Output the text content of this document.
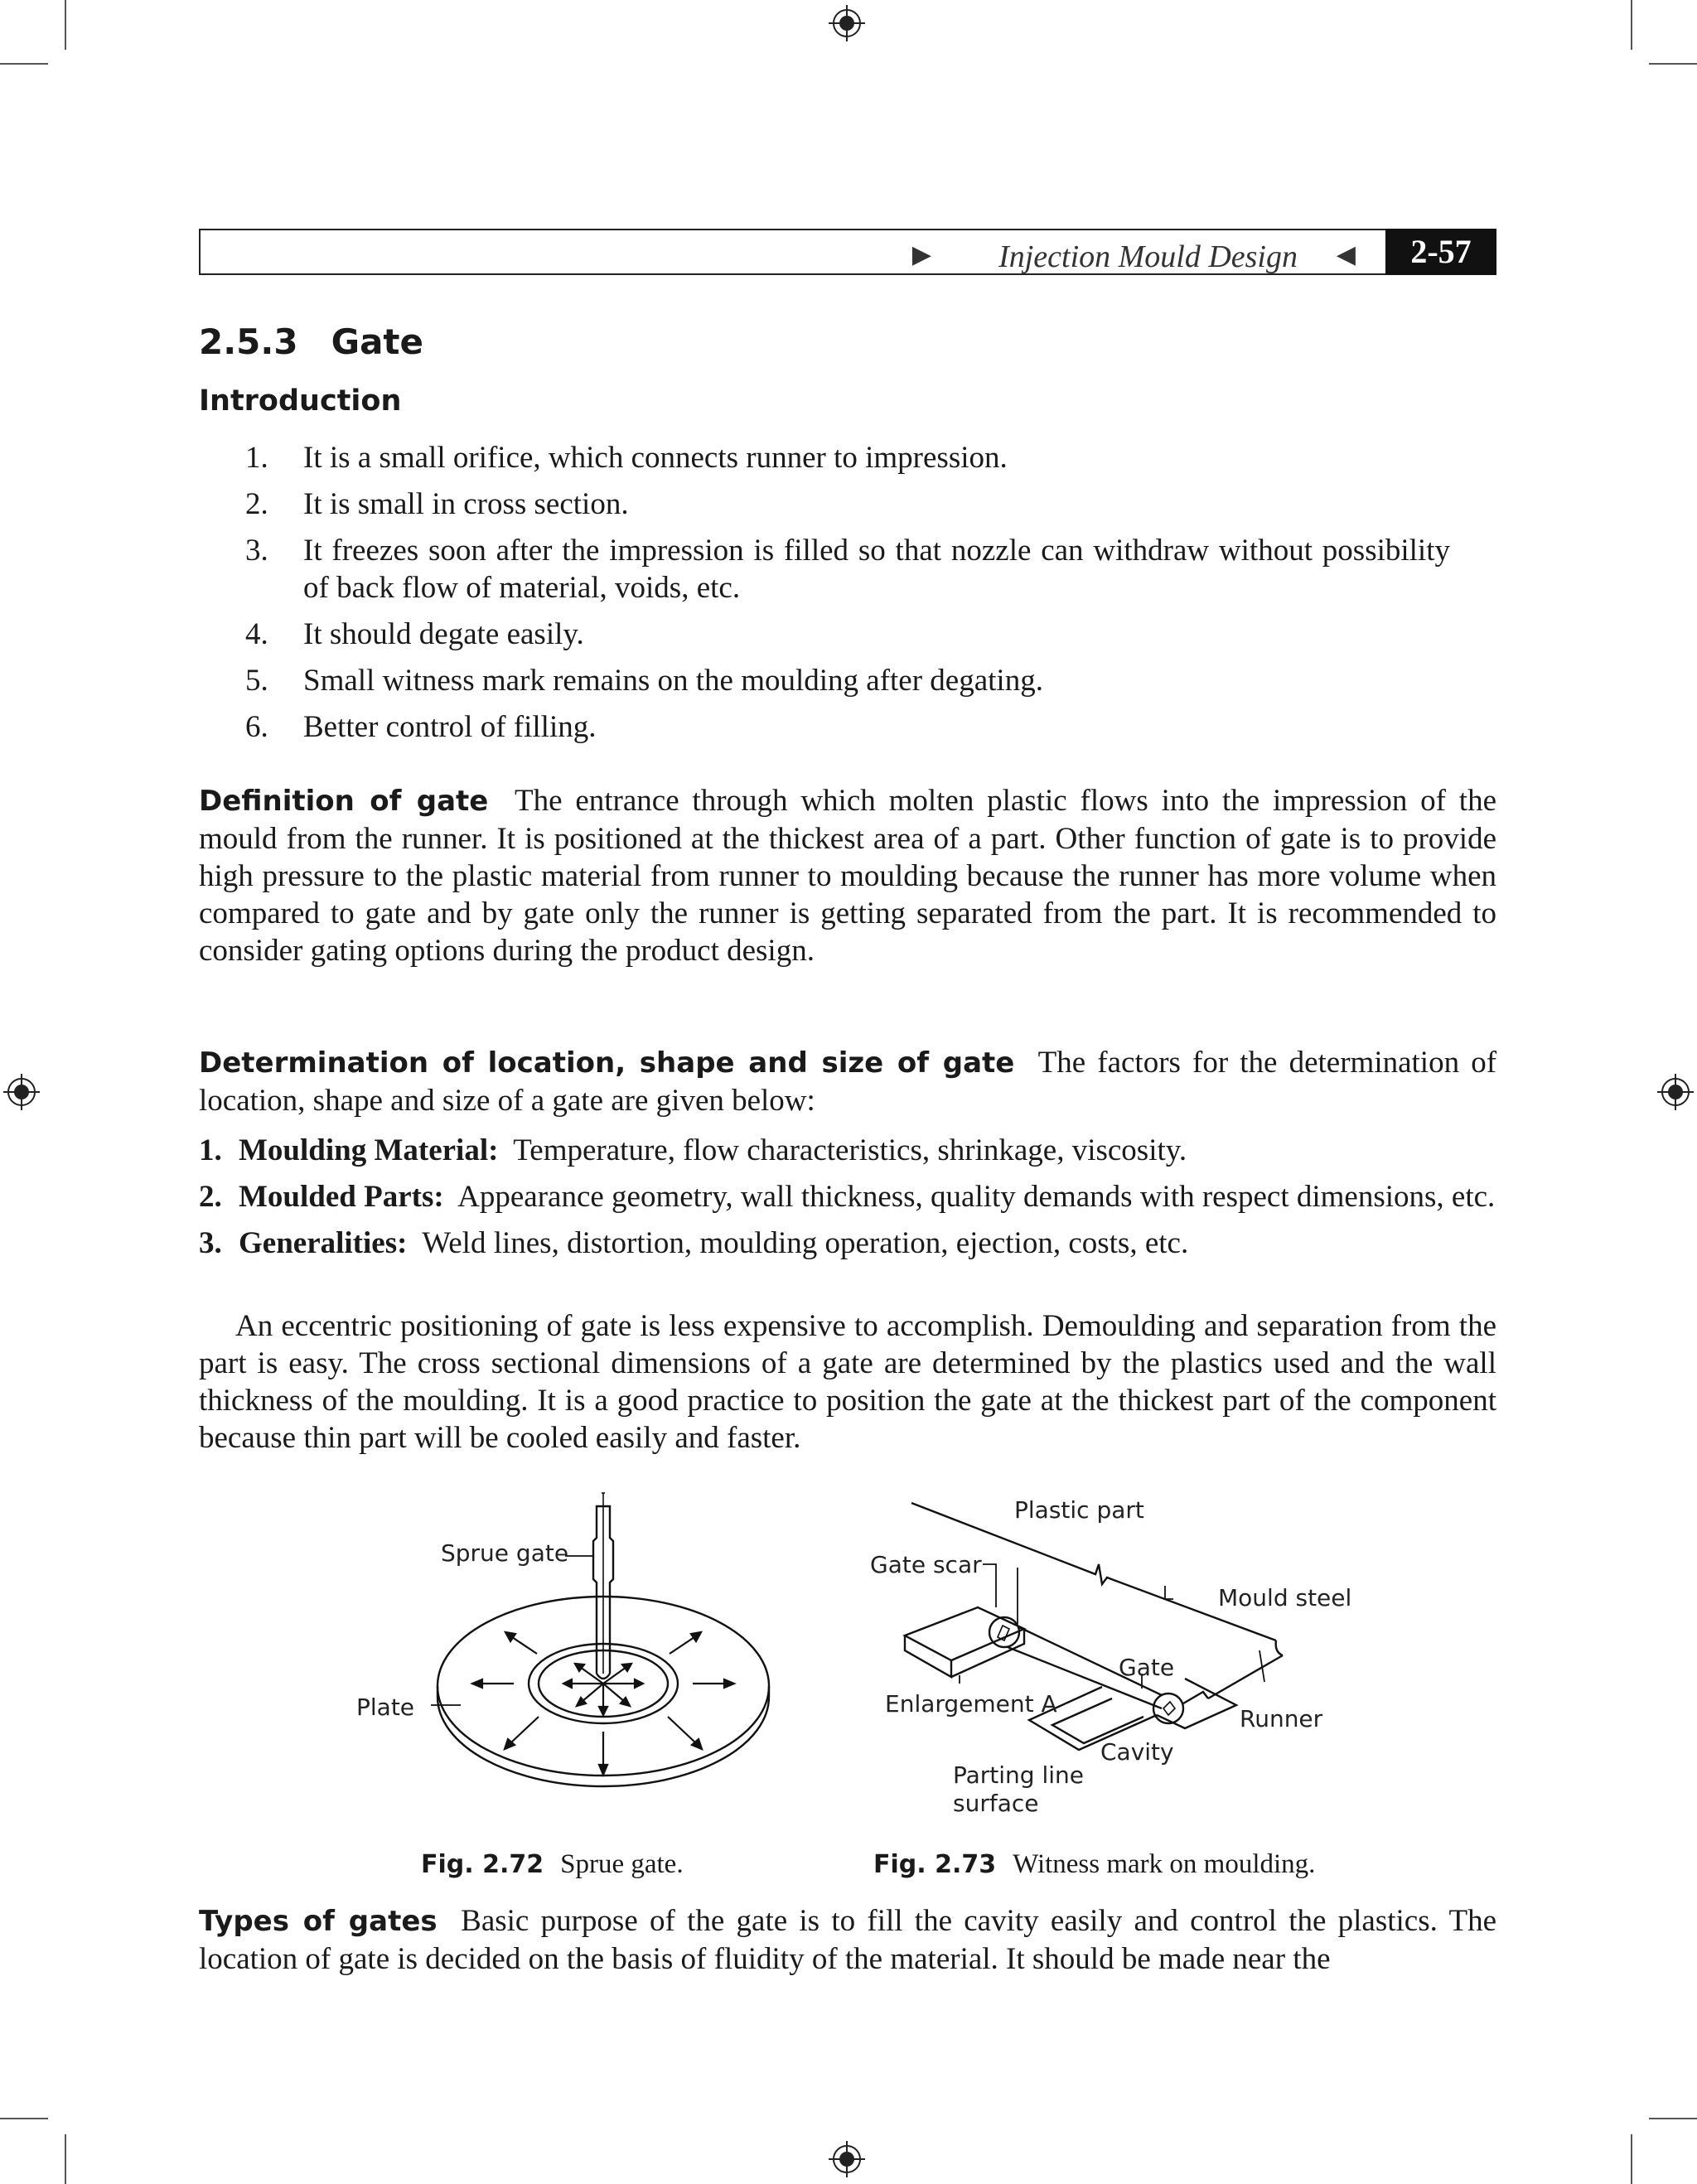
▶ Injection Mould Design ◀	2-57
2.5.3 Gate
Introduction
1. It is a small orifice, which connects runner to impression.
2. It is small in cross section.
3. It freezes soon after the impression is filled so that nozzle can withdraw without possibility of back flow of material, voids, etc.
4. It should degate easily.
5. Small witness mark remains on the moulding after degating.
6. Better control of filling.

Definition of gate The entrance through which molten plastic flows into the impression of the mould from the runner. It is positioned at the thickest area of a part. Other function of gate is to provide high pressure to the plastic material from runner to moulding because the runner has more volume when compared to gate and by gate only the runner is getting separated from the part. It is recommended to consider gating options during the product design.

Determination of location, shape and size of gate The factors for the determination of location, shape and size of a gate are given below:

1. Moulding Material: Temperature, flow characteristics, shrinkage, viscosity.
2. Moulded Parts: Appearance geometry, wall thickness, quality demands with respect dimensions, etc.
3. Generalities: Weld lines, distortion, moulding operation, ejection, costs, etc.

An eccentric positioning of gate is less expensive to accomplish. Demoulding and separation from the part is easy. The cross sectional dimensions of a gate are determined by the plastics used and the wall thickness of the moulding. It is a good practice to position the gate at the thickest part of the component because thin part will be cooled easily and faster.

Sprue gate
Plate
Plastic part
Gate scar
Mould steel
Gate
Enlargement A
Runner
Cavity
Parting line
surface
Fig. 2.72 Sprue gate.	Fig. 2.73 Witness mark on moulding.

Types of gates Basic purpose of the gate is to fill the cavity easily and control the plastics. The location of gate is decided on the basis of fluidity of the material. It should be made near the
